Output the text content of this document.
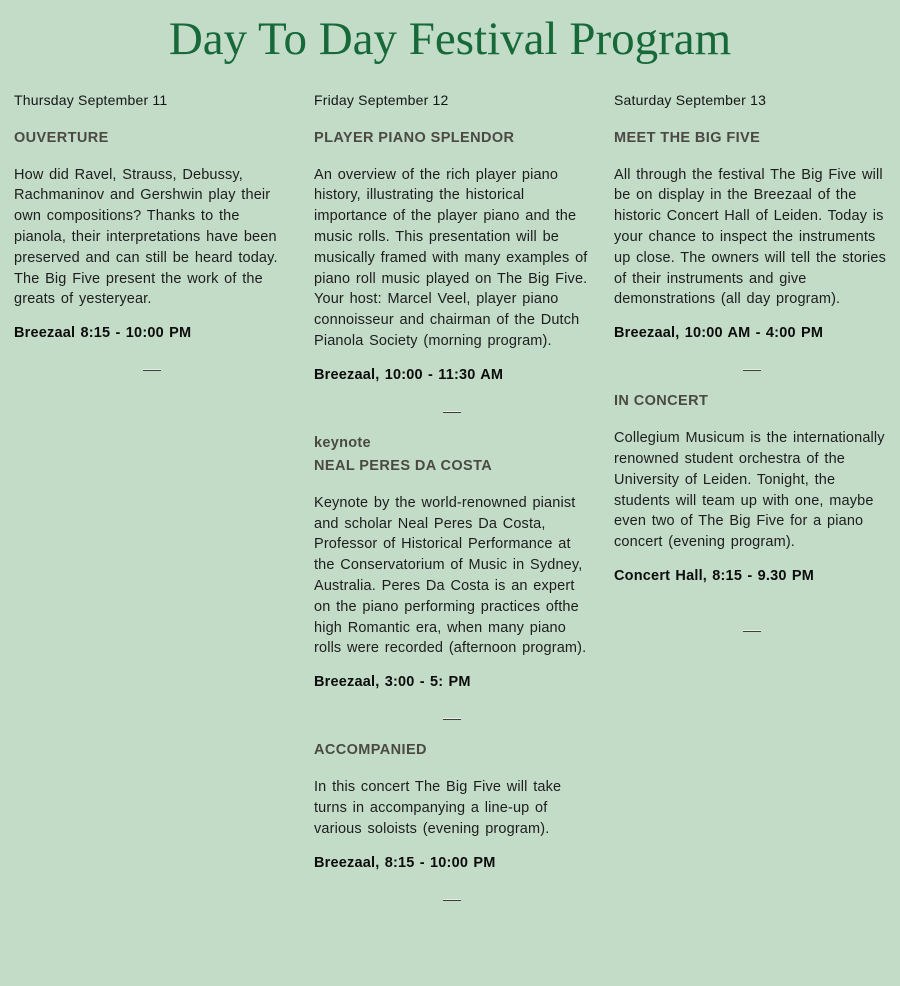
Day To Day Festival Program

Thursday September 11

OUVERTURE

How did Ravel, Strauss, Debussy, Rachmaninov and Gershwin play their own compositions? Thanks to the pianola, their interpretations have been preserved and can still be heard today. The Big Five present the work of the greats of yesteryear.

Breezaal 8:15 - 10:00 PM

Friday September 12

PLAYER PIANO SPLENDOR

An overview of the rich player piano history, illustrating the historical importance of the player piano and the music rolls. This presentation will be musically framed with many examples of piano roll music played on The Big Five. Your host: Marcel Veel, player piano connoisseur and chairman of the Dutch Pianola Society (morning program).

Breezaal, 10:00 - 11:30 AM

keynote
NEAL PERES DA COSTA

Keynote by the world-renowned pianist and scholar Neal Peres Da Costa, Professor of Historical Performance at the Conservatorium of Music in Sydney, Australia. Peres Da Costa is an expert on the piano performing practices ofthe high Romantic era, when many piano rolls were recorded (afternoon program).

Breezaal, 3:00 - 5: PM

ACCOMPANIED

In this concert The Big Five will take turns in accompanying a line-up of various soloists (evening program).

Breezaal, 8:15 - 10:00 PM

Saturday September 13

MEET THE BIG FIVE

All through the festival The Big Five will be on display in the Breezaal of the historic Concert Hall of Leiden. Today is your chance to inspect the instruments up close. The owners will tell the stories of their instruments and give demonstrations (all day program).

Breezaal, 10:00 AM - 4:00 PM

IN CONCERT

Collegium Musicum is the internationally renowned student orchestra of the University of Leiden. Tonight, the students will team up with one, maybe even two of The Big Five for a piano concert (evening program).

Concert Hall, 8:15 - 9.30 PM
